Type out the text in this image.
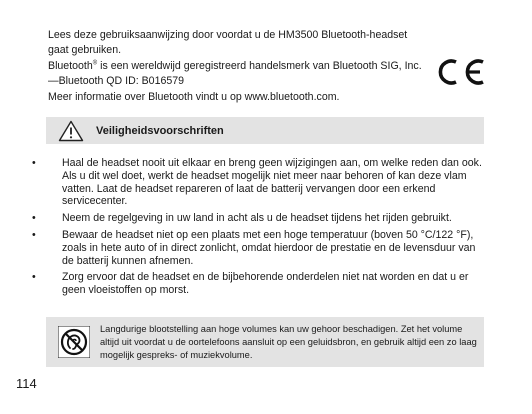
Lees deze gebruiksaanwijzing door voordat u de HM3500 Bluetooth-headset gaat gebruiken.

Bluetooth® is een wereldwijd geregistreerd handelsmerk van Bluetooth SIG, Inc. —Bluetooth QD ID: B016579

Meer informatie over Bluetooth vindt u op www.bluetooth.com.

Veiligheidsvoorschriften
• Haal de headset nooit uit elkaar en breng geen wijzigingen aan, om welke reden dan ook. Als u dit wel doet, werkt de headset mogelijk niet meer naar behoren of kan deze vlam vatten. Laat de headset repareren of laat de batterij vervangen door een erkend servicecenter.
• Neem de regelgeving in uw land in acht als u de headset tijdens het rijden gebruikt.
• Bewaar de headset niet op een plaats met een hoge temperatuur (boven 50 °C/122 °F), zoals in hete auto of in direct zonlicht, omdat hierdoor de prestatie en de levensduur van de batterij kunnen afnemen.
• Zorg ervoor dat de headset en de bijbehorende onderdelen niet nat worden en dat u er geen vloeistoffen op morst.
Langdurige blootstelling aan hoge volumes kan uw gehoor beschadigen. Zet het volume altijd uit voordat u de oortelefoons aansluit op een geluidsbron, en gebruik altijd een zo laag mogelijk gespreks- of muziekvolume.
114
